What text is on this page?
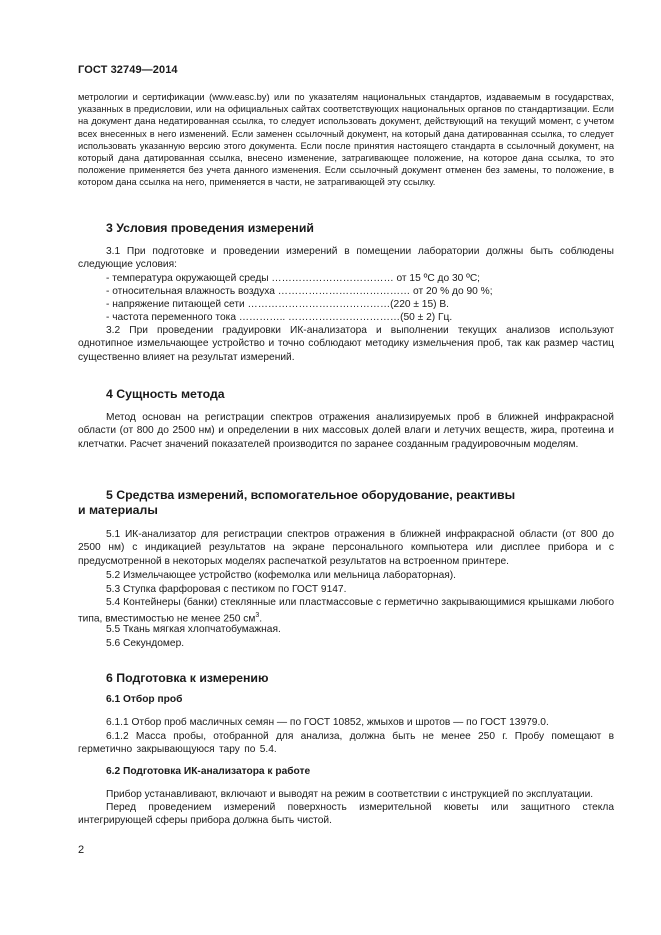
ГОСТ 32749—2014

метрологии и сертификации (www.easc.by) или по указателям национальных стандартов, издаваемым в государствах, указанных в предисловии, или на официальных сайтах соответствующих национальных органов по стандартизации. Если на документ дана недатированная ссылка, то следует использовать документ, действующий на текущий момент, с учетом всех внесенных в него изменений. Если заменен ссылочный документ, на который дана датированная ссылка, то следует использовать указанную версию этого документа. Если после принятия настоящего стандарта в ссылочный документ, на который дана датированная ссылка, внесено изменение, затрагивающее положение, на которое дана ссылка, то это положение применяется без учета данного изменения. Если ссылочный документ отменен без замены, то положение, в котором дана ссылка на него, применяется в части, не затрагивающей эту ссылку.

3 Условия проведения измерений

3.1 При подготовке и проведении измерений в помещении лаборатории должны быть соблюдены следующие условия:

- температура окружающей среды ……………………………… от 15 ºС до 30 ºС;
- относительная влажность воздуха ………………………………… от 20 % до 90 %;
- напряжение питающей сети ……………………………………(220 ± 15) В.
- частота переменного тока ………….. ……………………………(50 ± 2) Гц.

3.2 При проведении градуировки ИК-анализатора и выполнении текущих анализов используют однотипное измельчающее устройство и точно соблюдают методику измельчения проб, так как размер частиц существенно влияет на результат измерений.

4 Сущность метода

Метод основан на регистрации спектров отражения анализируемых проб в ближней инфракрасной области (от 800 до 2500 нм) и определении в них массовых долей влаги и летучих веществ, жира, протеина и клетчатки. Расчет значений показателей производится по заранее созданным градуировочным моделям.

5 Средства измерений, вспомогательное оборудование, реактивы
и материалы

5.1 ИК-анализатор для регистрации спектров отражения в ближней инфракрасной области (от 800 до 2500 нм) с индикацией результатов на экране персонального компьютера или дисплее прибора и с предусмотренной в некоторых моделях распечаткой результатов на встроенном принтере.

5.2 Измельчающее устройство (кофемолка или мельница лабораторная).

5.3 Ступка фарфоровая с пестиком по ГОСТ 9147.

5.4 Контейнеры (банки) стеклянные или пластмассовые с герметично закрывающимися крышками любого типа, вместимостью не менее 250 $см^3$.

5.5 Ткань мягкая хлопчатобумажная.

5.6 Секундомер.

6 Подготовка к измерению
6.1 Отбор проб

6.1.1 Отбор проб масличных семян — по ГОСТ 10852, жмыхов и шротов — по ГОСТ 13979.0.

6.1.2 Масса пробы, отобранной для анализа, должна быть не менее 250 г. Пробу помещают в герметично закрывающуюся тару по 5.4.

6.2 Подготовка ИК-анализатора к работе

Прибор устанавливают, включают и выводят на режим в соответствии с инструкцией по эксплуатации.

Перед проведением измерений поверхность измерительной кюветы или защитного стекла интегрирующей сферы прибора должна быть чистой.

2
